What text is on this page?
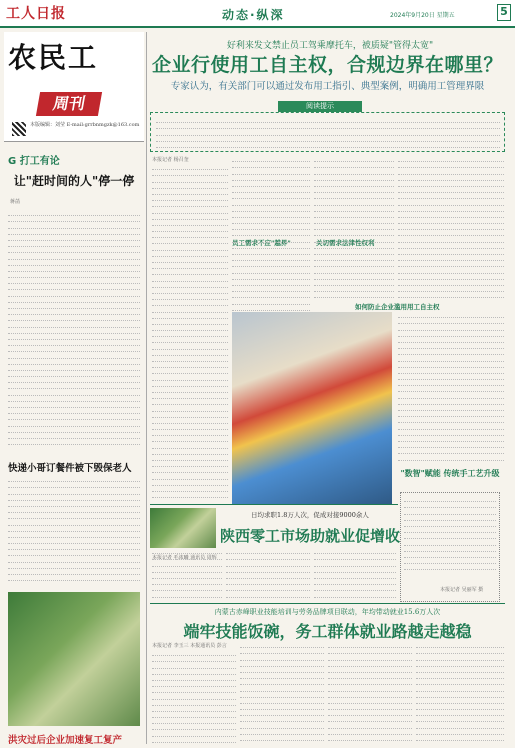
工人日报	动态·纵深	2024年9月20日 星期五	5
农民工
周刊
本版编辑：刘莹 E-mail:grrbnmgzk@163.com
G 打工有论
让"赶时间的人"停一停
蒋菡
快递小哥订餐件被下毁保老人
洪灾过后企业加速复工复产
好利来发文禁止员工驾乘摩托车，被质疑"管得太宽"
企业行使用工自主权，合规边界在哪里？
专家认为，有关部门可以通过发布用工指引、典型案例，明确用工管理界限
阅读提示
本报记者 杨召奎
员工需求不应"越界"	关切需求法律性权利
如何防止企业滥用用工自主权
"数智"赋能 传统手工艺升级
本报记者 吴丽军 摄
日均求职1.8万人次，促成对接9000余人
陕西零工市场助就业促增收
本报记者 毛浓曦 通讯员 周辉
内蒙古赤峰职业技能培训与劳务品牌项目联动，年均带动就业15.6万人次
端牢技能饭碗，务工群体就业路越走越稳
本报记者 李玉三 本报通讯员 彭言
